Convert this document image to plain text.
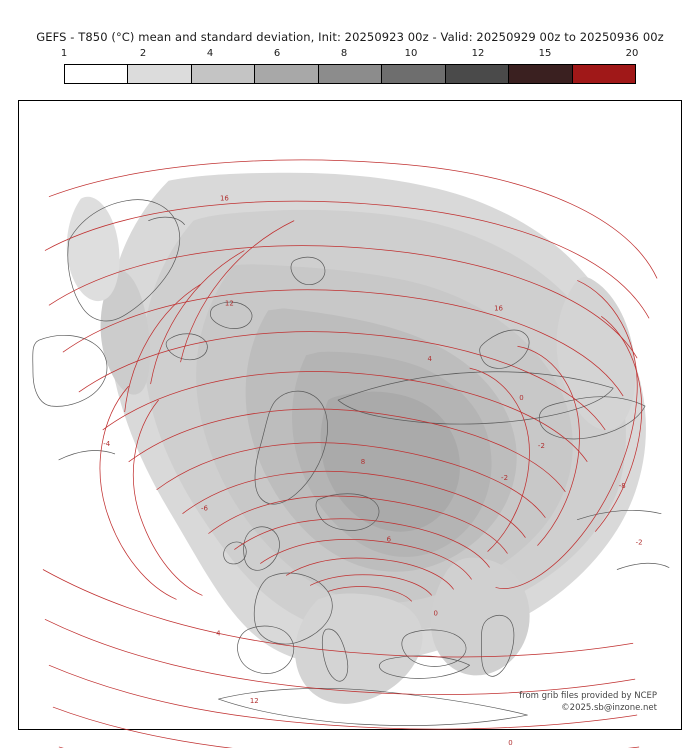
GEFS - T850 (°C) mean and standard deviation, Init: 20250923 00z - Valid: 20250929 00z to 20250936 00z
1	2	4	6	8	10	12	15	20
16
12
16
4
0
-4
8
-2
-2
-6
6
-8
-2
0
4
12
0
from grib files provided by NCEP
©2025.sb@inzone.net
